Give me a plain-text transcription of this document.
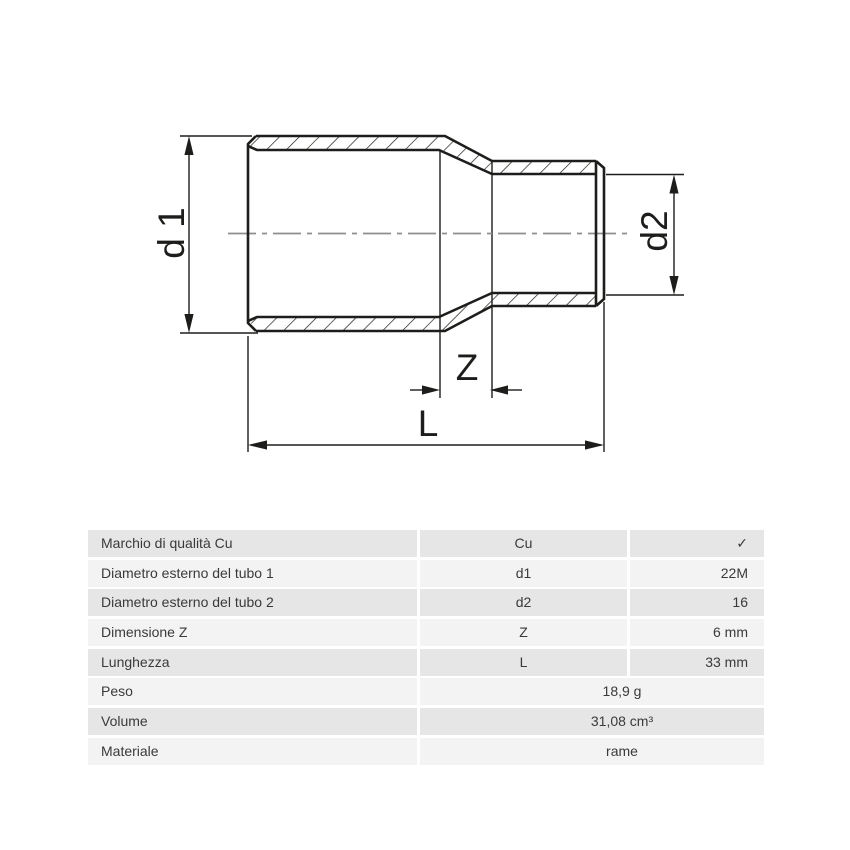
d 1	d2
Z
L
Marchio di qualità Cu	Cu	✓
Diametro esterno del tubo 1	d1	22M
Diametro esterno del tubo 2	d2	16
Dimensione Z	Z	6 mm
Lunghezza	L	33 mm
Peso	18,9 g
Volume	31,08 cm³
Materiale	rame
